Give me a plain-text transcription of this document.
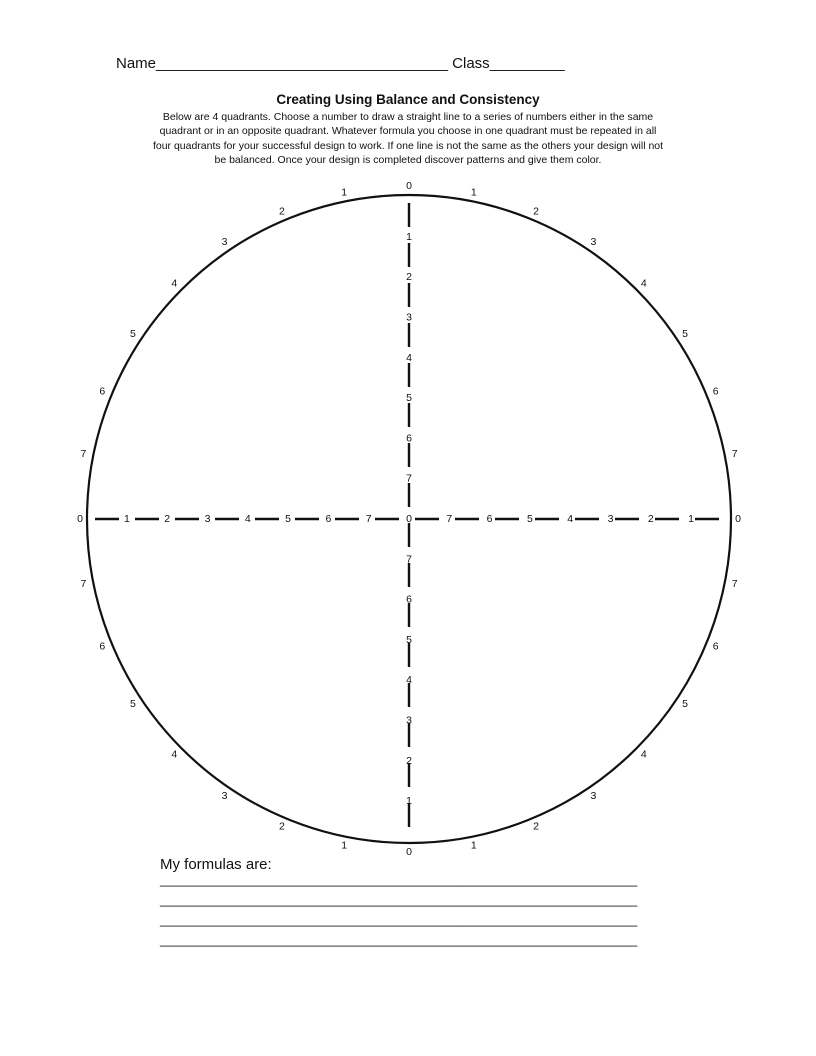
Name___________________________________ Class_________
Creating Using Balance and Consistency
Below are 4 quadrants. Choose a number to draw a straight line to a series of numbers either in the same
quadrant or in an opposite quadrant. Whatever formula you choose in one quadrant must be repeated in all
four quadrants for your successful design to work. If one line is not the same as the others your design will not
be balanced. Once your design is completed discover patterns and give them color.
0
0
1
1
1
1
2
2
2
2
3
3
3
3
4
4
4
4
5
5
5
5
6
6
6
6
7
7
7
7
0	0
0
7
7
7
7
6
6
6
6
5
5
5
5
4
4
4
4
3
3
3
3
2
2
2
2
1
1
1
1
My formulas are:
__________________________________________________________________
__________________________________________________________________
__________________________________________________________________
__________________________________________________________________
